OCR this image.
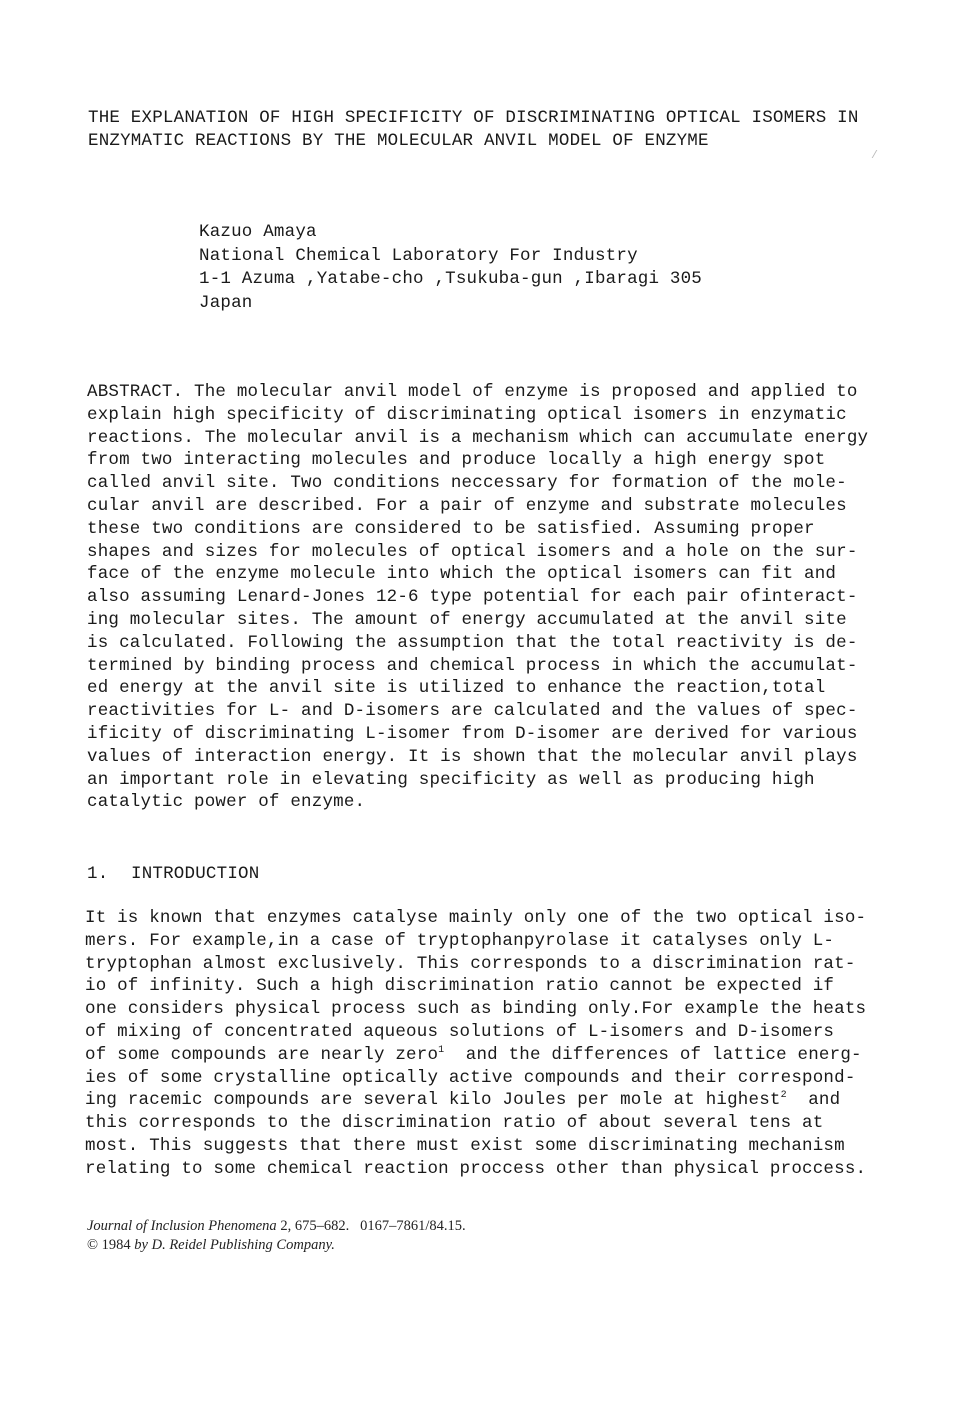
THE EXPLANATION OF HIGH SPECIFICITY OF DISCRIMINATING OPTICAL ISOMERS IN
ENZYMATIC REACTIONS BY THE MOLECULAR ANVIL MODEL OF ENZYME
Kazuo Amaya
National Chemical Laboratory For Industry
1-1 Azuma ,Yatabe-cho ,Tsukuba-gun ,Ibaragi 305
Japan
ABSTRACT. The molecular anvil model of enzyme is proposed and applied to
explain high specificity of discriminating optical isomers in enzymatic
reactions. The molecular anvil is a mechanism which can accumulate energy
from two interacting molecules and produce locally a high energy spot
called anvil site. Two conditions neccessary for formation of the mole-
cular anvil are described. For a pair of enzyme and substrate molecules
these two conditions are considered to be satisfied. Assuming proper
shapes and sizes for molecules of optical isomers and a hole on the sur-
face of the enzyme molecule into which the optical isomers can fit and
also assuming Lenard-Jones 12-6 type potential for each pair ofinteract-
ing molecular sites. The amount of energy accumulated at the anvil site
is calculated. Following the assumption that the total reactivity is de-
termined by binding process and chemical process in which the accumulat-
ed energy at the anvil site is utilized to enhance the reaction,total
reactivities for L- and D-isomers are calculated and the values of spec-
ificity of discriminating L-isomer from D-isomer are derived for various
values of interaction energy. It is shown that the molecular anvil plays
an important role in elevating specificity as well as producing high
catalytic power of enzyme.
1. INTRODUCTION
It is known that enzymes catalyse mainly only one of the two optical iso-
mers. For example,in a case of tryptophanpyrolase it catalyses only L-
tryptophan almost exclusively. This corresponds to a discrimination rat-
io of infinity. Such a high discrimination ratio cannot be expected if
one considers physical process such as binding only.For example the heats
of mixing of concentrated aqueous solutions of L-isomers and D-isomers
of some compounds are nearly zero$^1$  and the differences of lattice energ-
ies of some crystalline optically active compounds and their correspond-
ing racemic compounds are several kilo Joules per mole at highest$^2$  and
this corresponds to the discrimination ratio of about several tens at
most. This suggests that there must exist some discriminating mechanism
relating to some chemical reaction proccess other than physical proccess.
Journal of Inclusion Phenomena 2, 675–682.   0167–7861/84.15.
© 1984 by D. Reidel Publishing Company.
